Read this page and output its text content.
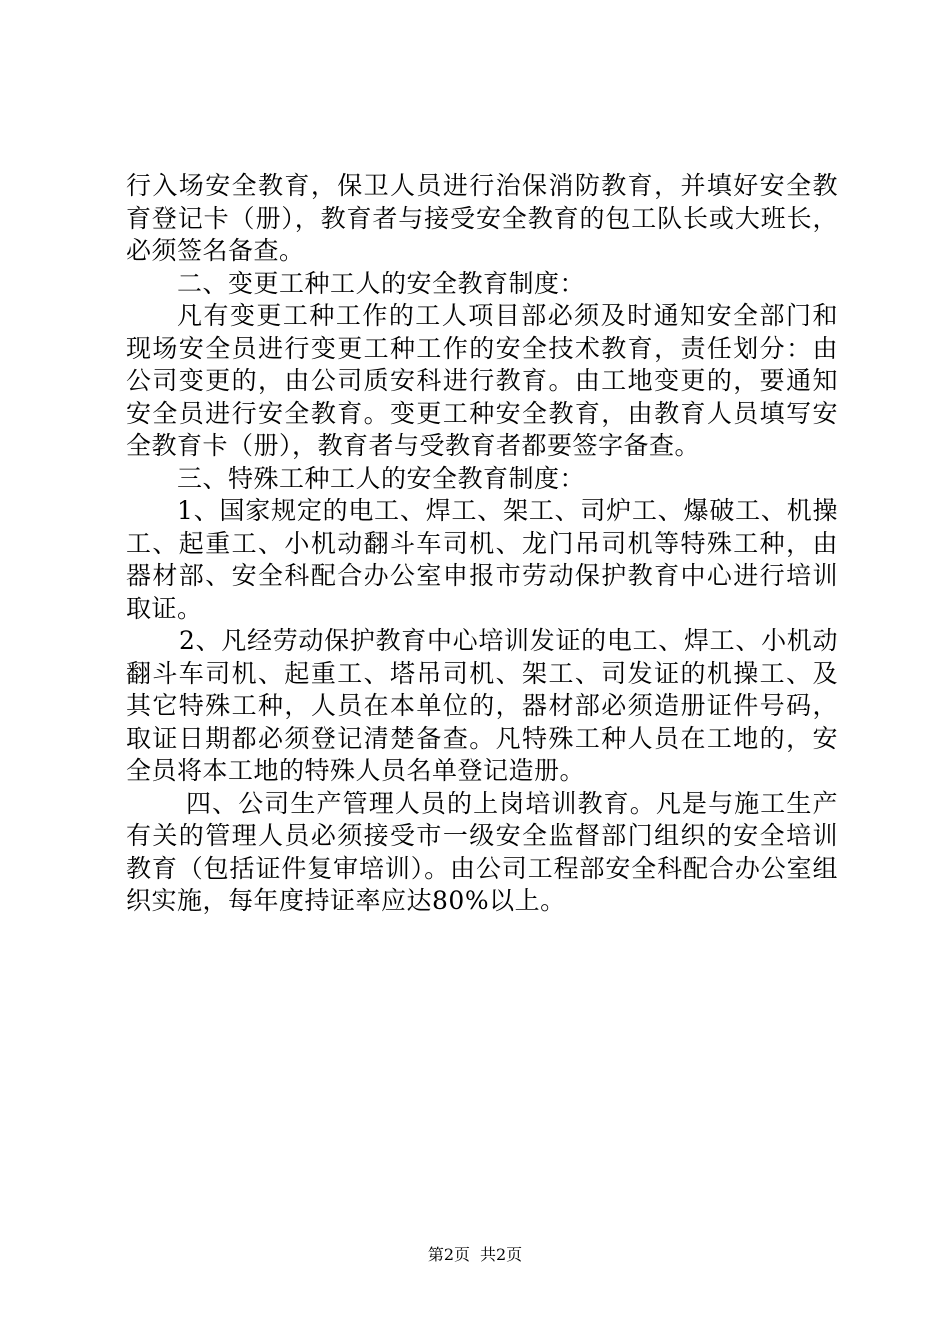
行入场安全教育，保卫人员进行治保消防教育，并填好安全教育登记卡（册），教育者与接受安全教育的包工队长或大班长，必须签名备查。

二、变更工种工人的安全教育制度：

凡有变更工种工作的工人项目部必须及时通知安全部门和现场安全员进行变更工种工作的安全技术教育，责任划分：由公司变更的，由公司质安科进行教育。由工地变更的，要通知安全员进行安全教育。变更工种安全教育，由教育人员填写安全教育卡（册），教育者与受教育者都要签字备查。

三、特殊工种工人的安全教育制度：

1、国家规定的电工、焊工、架工、司炉工、爆破工、机操工、起重工、小机动翻斗车司机、龙门吊司机等特殊工种，由器材部、安全科配合办公室申报市劳动保护教育中心进行培训取证。

2、凡经劳动保护教育中心培训发证的电工、焊工、小机动翻斗车司机、起重工、塔吊司机、架工、司发证的机操工、及其它特殊工种，人员在本单位的，器材部必须造册证件号码，取证日期都必须登记清楚备查。凡特殊工种人员在工地的，安全员将本工地的特殊人员名单登记造册。

四、公司生产管理人员的上岗培训教育。凡是与施工生产有关的管理人员必须接受市一级安全监督部门组织的安全培训教育（包括证件复审培训）。由公司工程部安全科配合办公室组织实施，每年度持证率应达80%以上。

第2页 共2页
